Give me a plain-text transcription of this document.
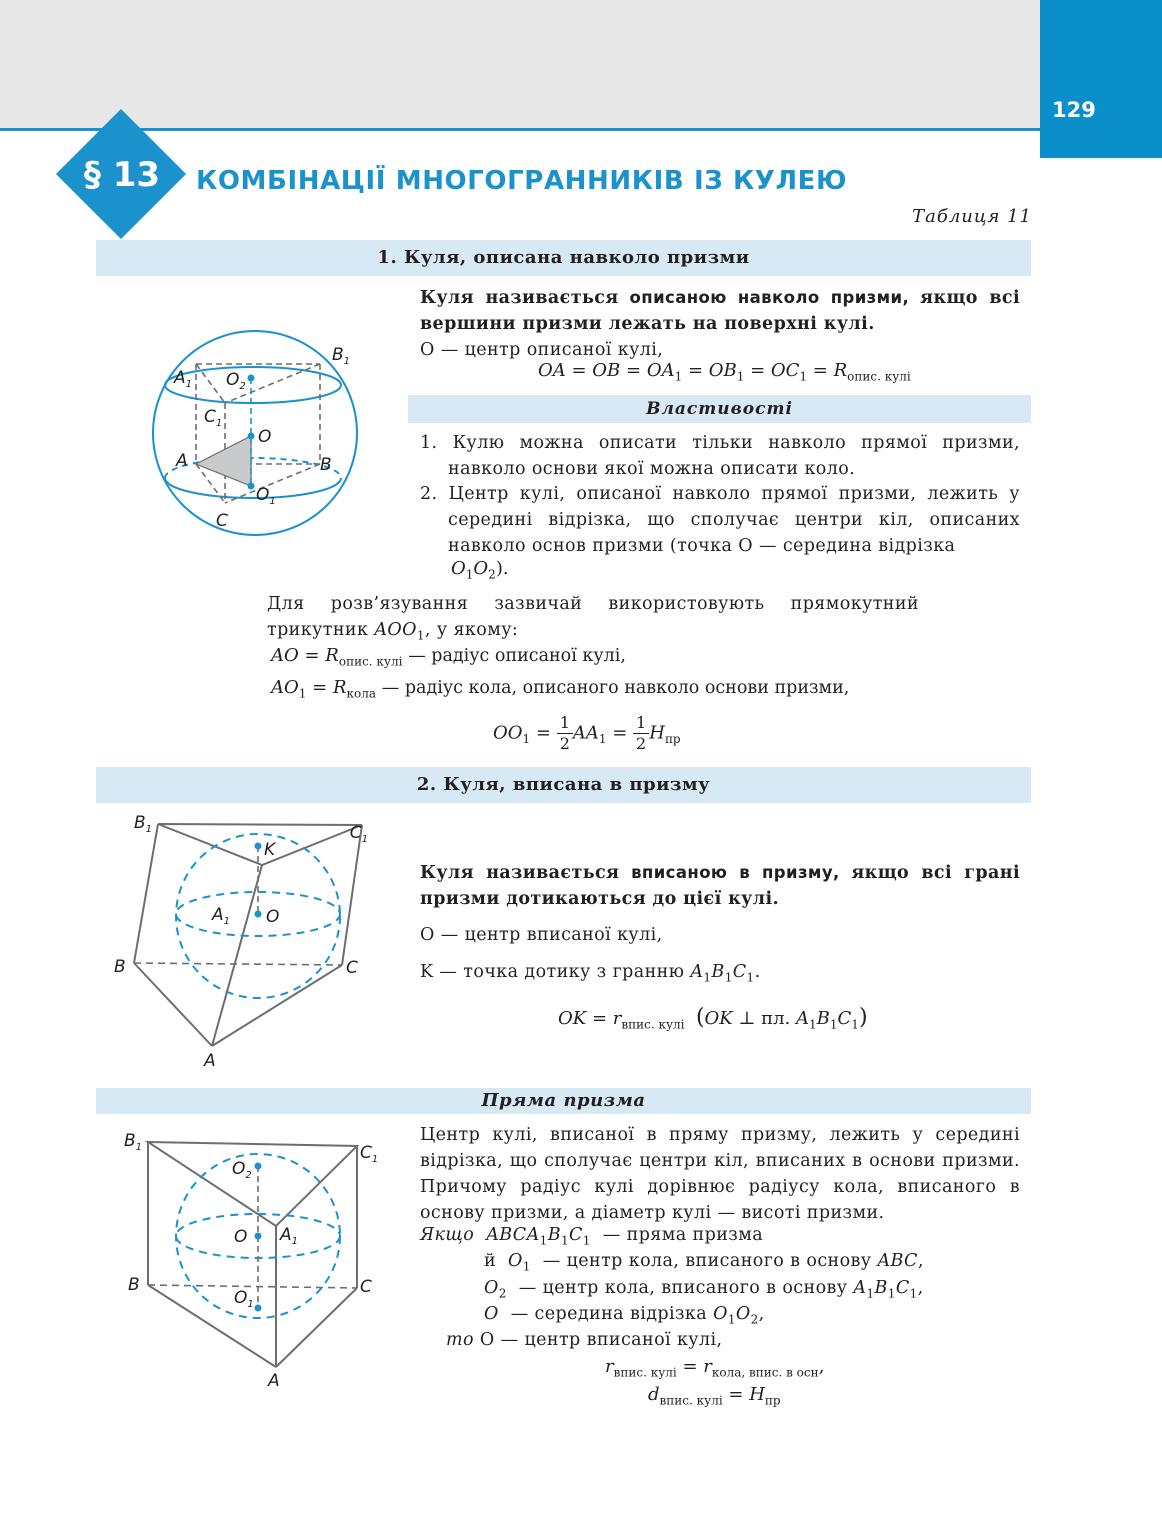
129
§ 13	КОМБІНАЦІЇ МНОГОГРАННИКІВ ІЗ КУЛЕЮ
Таблиця 11
1. Куля, описана навколо призми
$A_1$ $O_2$
$B_1$
$C_1$
O
A	B
$O_1$
C
Куля називається описаною навколо призми, якщо всі вершини призми лежать на поверхні кулі.
O — центр описаної кулі,
OA = OB = $OA_1 = OB_1 = OC_1 = R_{опис. кулі}$
Властивості
1. Кулю можна описати тільки навколо прямої призми, навколо основи якої можна описати коло.
2. Центр кулі, описаної навколо прямої призми, лежить у середині відрізка, що сполучає центри кіл, описаних навколо основ призми (точка O — середина відрізка
$O_1O_2$).
Для розв’язування зазвичай використовують прямокутний трикутник $AOO_1$, у якому:
AO = $R_{опис. кулі}$ — радіус описаної кулі,
$AO_1 = R_{кола}$ — радіус кола, описаного навколо основи призми,
$OO_1 = \frac{1}{2} AA_1 = \frac{1}{2} H_{пр}$
2. Куля, вписана в призму
$B_1$	$C_1$
K
$A_1$ O
B	C
A
Куля називається вписаною в призму, якщо всі грані призми дотикаються до цієї кулі.
O — центр вписаної кулі,
K — точка дотику з гранню $A_1B_1C_1$.
OK = $r_{впис. кулі}$ (OK ⊥ пл. $A_1B_1C_1$)
Пряма призма
$B_1$	$C_1$
$O_2$
O $A_1$
B	C
$O_1$
A
Центр кулі, вписаної в пряму призму, лежить у середині відрізка, що сполучає центри кіл, вписаних в основи призми. Причому радіус кулі дорівнює радіусу кола, вписаного в основу призми, а діаметр кулі — висоті призми.
Якщо $ABCA_1B_1C_1$ — пряма призма
й $O_1$ — центр кола, вписаного в основу ABC,
$O_2$ — центр кола, вписаного в основу $A_1B_1C_1$,
O — середина відрізка $O_1O_2$,
то O — центр вписаної кулі,
$r_{впис. кулі} = r_{кола, впис. в осн}$,
$d_{впис. кулі} = H_{пр}$
